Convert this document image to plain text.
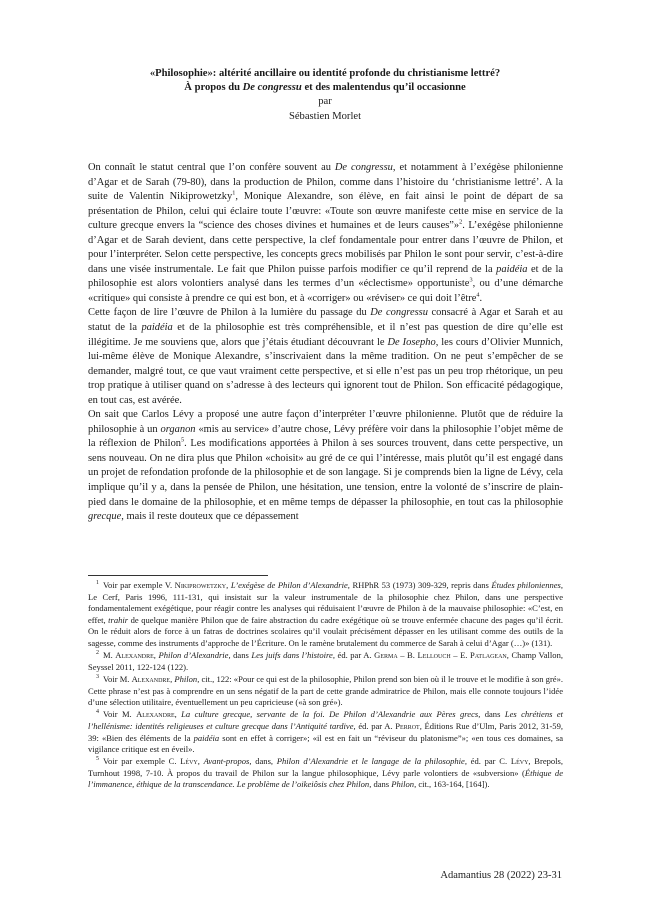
«Philosophie»: altérité ancillaire ou identité profonde du christianisme lettré?
À propos du De congressu et des malentendus qu’il occasionne
par
Sébastien Morlet

On connaît le statut central que l’on confère souvent au De congressu, et notamment à l’exégèse philonienne d’Agar et de Sarah (79-80), dans la production de Philon, comme dans l’histoire du ‘christianisme lettré’. A la suite de Valentin Nikiprowetzky$^1$, Monique Alexandre, son élève, en fait ainsi le point de départ de sa présentation de Philon, celui qui éclaire toute l’œuvre: «Toute son œuvre manifeste cette mise en service de la culture grecque envers la “science des choses divines et humaines et de leurs causes”»$^2$. L’exégèse philonienne d’Agar et de Sarah devient, dans cette perspective, la clef fondamentale pour entrer dans l’œuvre de Philon, et pour l’interpréter. Selon cette perspective, les concepts grecs mobilisés par Philon le sont pour servir, c’est-à-dire dans une visée instrumentale. Le fait que Philon puisse parfois modifier ce qu’il reprend de la paidéia et de la philosophie est alors volontiers analysé dans les termes d’un «éclectisme» opportuniste$^3$, ou d’une démarche «critique» qui consiste à prendre ce qui est bon, et à «corriger» ou «réviser» ce qui doit l’être$^4$.

Cette façon de lire l’œuvre de Philon à la lumière du passage du De congressu consacré à Agar et Sarah et au statut de la paidéia et de la philosophie est très compréhensible, et il n’est pas question de dire qu’elle est illégitime. Je me souviens que, alors que j’étais étudiant découvrant le De Iosepho, les cours d’Olivier Munnich, lui-même élève de Monique Alexandre, s’inscrivaient dans la même tradition. On ne peut s’empêcher de se demander, malgré tout, ce que vaut vraiment cette perspective, et si elle n’est pas un peu trop rhétorique, un peu trop pratique à utiliser quand on s’adresse à des lecteurs qui ignorent tout de Philon. Son efficacité pédagogique, en tout cas, est avérée.

On sait que Carlos Lévy a proposé une autre façon d’interpréter l’œuvre philonienne. Plutôt que de réduire la philosophie à un organon «mis au service» d’autre chose, Lévy préfère voir dans la philosophie l’objet même de la réflexion de Philon$^5$. Les modifications apportées à Philon à ses sources trouvent, dans cette perspective, un sens nouveau. On ne dira plus que Philon «choisit» au gré de ce qui l’intéresse, mais plutôt qu’il est engagé dans un projet de refondation profonde de la philosophie et de son langage. Si je comprends bien la ligne de Lévy, cela implique qu’il y a, dans la pensée de Philon, une hésitation, une tension, entre la volonté de s’inscrire de plain-pied dans le domaine de la philosophie, et en même temps de dépasser la philosophie, en tout cas la philosophie grecque, mais il reste douteux que ce dépassement

$^1$ Voir par exemple V. Nikiprowetzky, L’exégèse de Philon d’Alexandrie, RHPhR 53 (1973) 309-329, repris dans Études philoniennes, Le Cerf, Paris 1996, 111-131, qui insistait sur la valeur instrumentale de la philosophie chez Philon, dans une perspective fondamentalement exégétique, pour réagir contre les analyses qui réduisaient l’œuvre de Philon à de la mauvaise philosophie: «C’est, en effet, trahir de quelque manière Philon que de faire abstraction du cadre exégétique où se trouve enfermée chacune des pages qu’il écrit. On le réduit alors de force à un fatras de doctrines scolaires qu’il voulait précisément dépasser en les utilisant comme des outils de la sagesse, comme des instruments d’approche de l’Écriture. On le ramène brutalement du commerce de Sarah à celui d’Agar (…)» (131).

$^2$ M. Alexandre, Philon d’Alexandrie, dans Les juifs dans l’histoire, éd. par A. Germa – B. Lellouch – E. Patlagean, Champ Vallon, Seyssel 2011, 122-124 (122).

$^3$ Voir M. Alexandre, Philon, cit., 122: «Pour ce qui est de la philosophie, Philon prend son bien où il le trouve et le modifie à son gré». Cette phrase n’est pas à comprendre en un sens négatif de la part de cette grande admiratrice de Philon, mais elle connote toujours l’idée d’une sélection utilitaire, éventuellement un peu capricieuse («à son gré»).

$^4$ Voir M. Alexandre, La culture grecque, servante de la foi. De Philon d’Alexandrie aux Pères grecs, dans Les chrétiens et l’hellénisme: identités religieuses et culture grecque dans l’Antiquité tardive, éd. par A. Perrot, Éditions Rue d’Ulm, Paris 2012, 31-59, 39: «Bien des éléments de la paidéia sont en effet à corriger»; «il est en fait un “réviseur du platonisme”»; «en tous ces domaines, sa vigilance critique est en éveil».

$^5$ Voir par exemple C. Lévy, Avant-propos, dans, Philon d’Alexandrie et le langage de la philosophie, éd. par C. Lévy, Brepols, Turnhout 1998, 7-10. À propos du travail de Philon sur la langue philosophique, Lévy parle volontiers de «subversion» (Éthique de l’immanence, éthique de la transcendance. Le problème de l’oikeiôsis chez Philon, dans Philon, cit., 163-164, [164]).

Adamantius 28 (2022) 23-31
